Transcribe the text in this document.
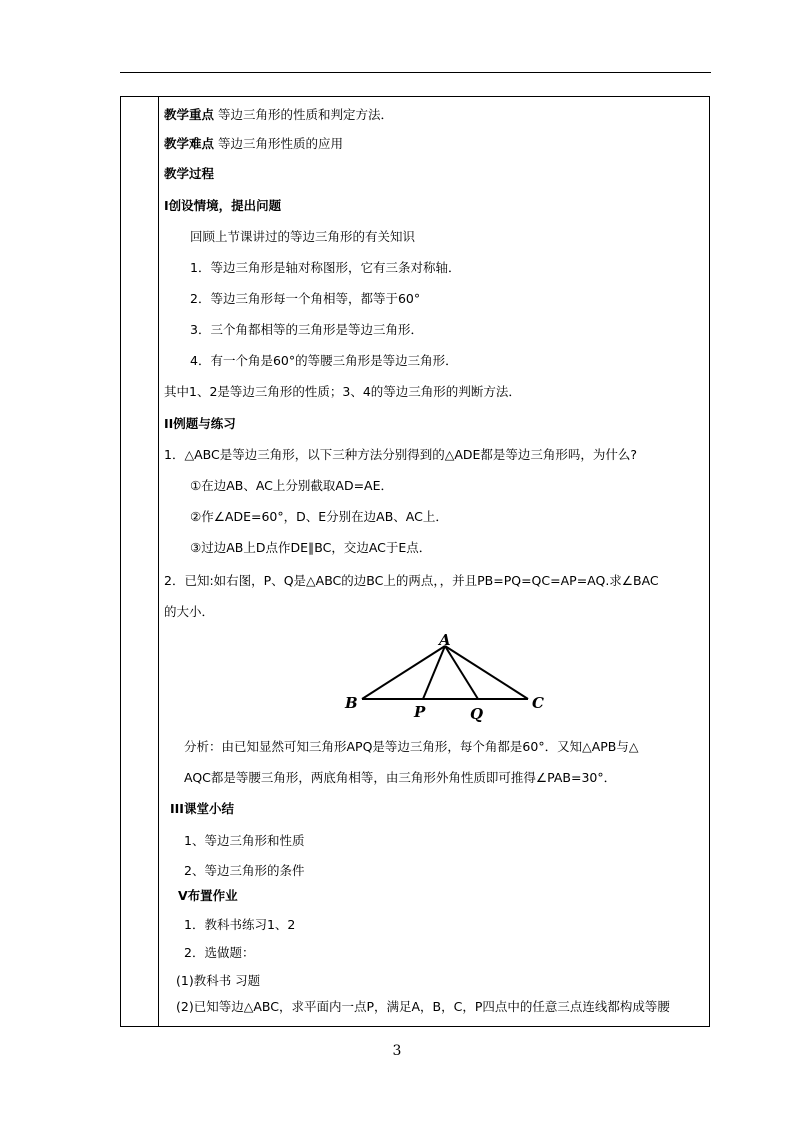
教学重点 等边三角形的性质和判定方法．
教学难点 等边三角形性质的应用
教学过程
I创设情境，提出问题
回顾上节课讲过的等边三角形的有关知识
1．等边三角形是轴对称图形，它有三条对称轴．
2．等边三角形每一个角相等，都等于60°
3．三个角都相等的三角形是等边三角形．
4．有一个角是60°的等腰三角形是等边三角形．
其中1、2是等边三角形的性质；3、4的等边三角形的判断方法．
II例题与练习
1．△ABC是等边三角形，以下三种方法分别得到的△ADE都是等边三角形吗，为什么?
①在边AB、AC上分别截取AD=AE．
②作∠ADE=60°，D、E分别在边AB、AC上．
③过边AB上D点作DE∥BC，交边AC于E点．
2．已知:如右图，P、Q是△ABC的边BC上的两点，，并且PB=PQ=QC=AP=AQ.求∠BAC
的大小．
分析：由已知显然可知三角形APQ是等边三角形，每个角都是60°．又知△APB与△
AQC都是等腰三角形，两底角相等，由三角形外角性质即可推得∠PAB=30°．
III课堂小结
1、等边三角形和性质
2、等边三角形的条件
V布置作业
1．教科书练习1、2
2．选做题：
(1)教科书 习题
(2)已知等边△ABC，求平面内一点P，满足A，B，C，P四点中的任意三点连线都构成等腰
A
B	C
P	Q
3
